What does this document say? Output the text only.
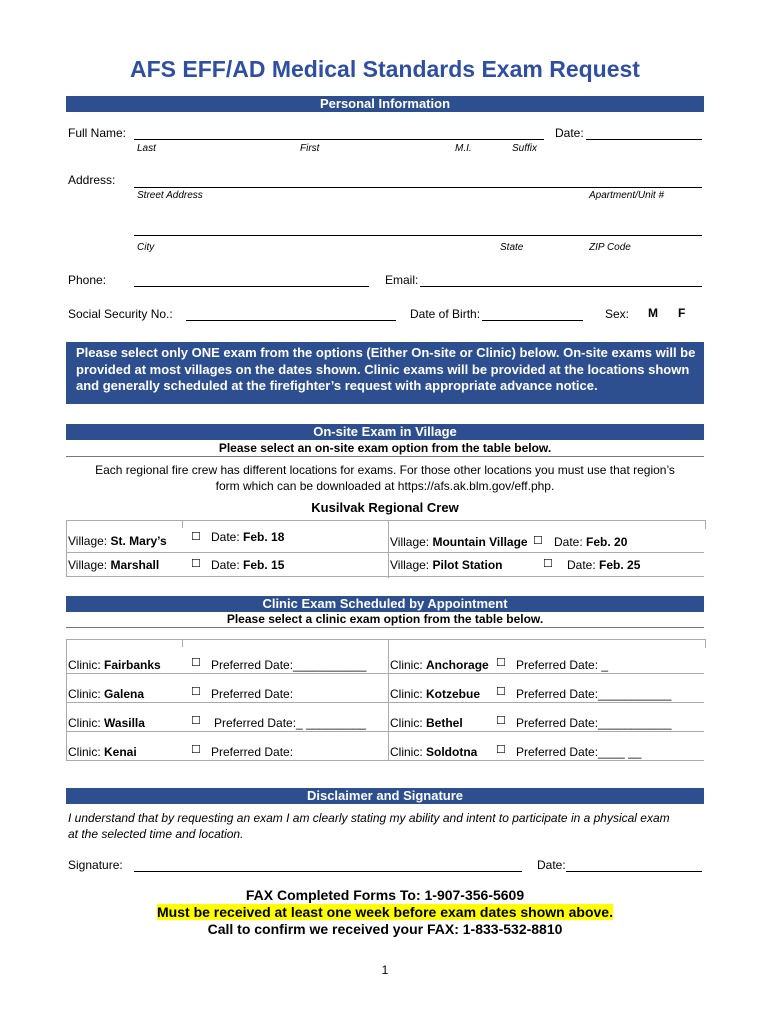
AFS EFF/AD Medical Standards Exam Request
Personal Information
Full Name:	Date:
Last	First	M.I.	Suffix
Address:
Street Address	Apartment/Unit #
City	State	ZIP Code
Phone:	Email:
Social Security No.:	Date of Birth:	Sex: M F
Please select only ONE exam from the options (Either On-site or Clinic) below. On-site exams will be provided at most villages on the dates shown. Clinic exams will be provided at the locations shown and generally scheduled at the firefighter’s request with appropriate advance notice.
On-site Exam in Village
Please select an on-site exam option from the table below.
Each regional fire crew has different locations for exams. For those other locations you must use that region’s
form which can be downloaded at https://afs.ak.blm.gov/eff.php.
Kusilvak Regional Crew
Village: St. Mary’s ☐ Date: Feb. 18	Village: Mountain Village ☐ Date: Feb. 20
Village: Marshall	☐ Date: Feb. 15	Village: Pilot Station	☐ Date: Feb. 25
Clinic Exam Scheduled by Appointment
Please select a clinic exam option from the table below.
Clinic: Fairbanks	☐ Preferred Date:___________ Clinic: Anchorage ☐ Preferred Date: _
Clinic: Galena	☐ Preferred Date:	Clinic: Kotzebue ☐ Preferred Date:___________
Clinic: Wasilla	☐ Preferred Date:_ _________ Clinic: Bethel	☐ Preferred Date:___________
Clinic: Kenai	☐ Preferred Date:	Clinic: Soldotna ☐ Preferred Date:____ __
Disclaimer and Signature
I understand that by requesting an exam I am clearly stating my ability and intent to participate in a physical exam
at the selected time and location.
Signature:	Date:
FAX Completed Forms To: 1-907-356-5609
Must be received at least one week before exam dates shown above.
Call to confirm we received your FAX: 1-833-532-8810
1
